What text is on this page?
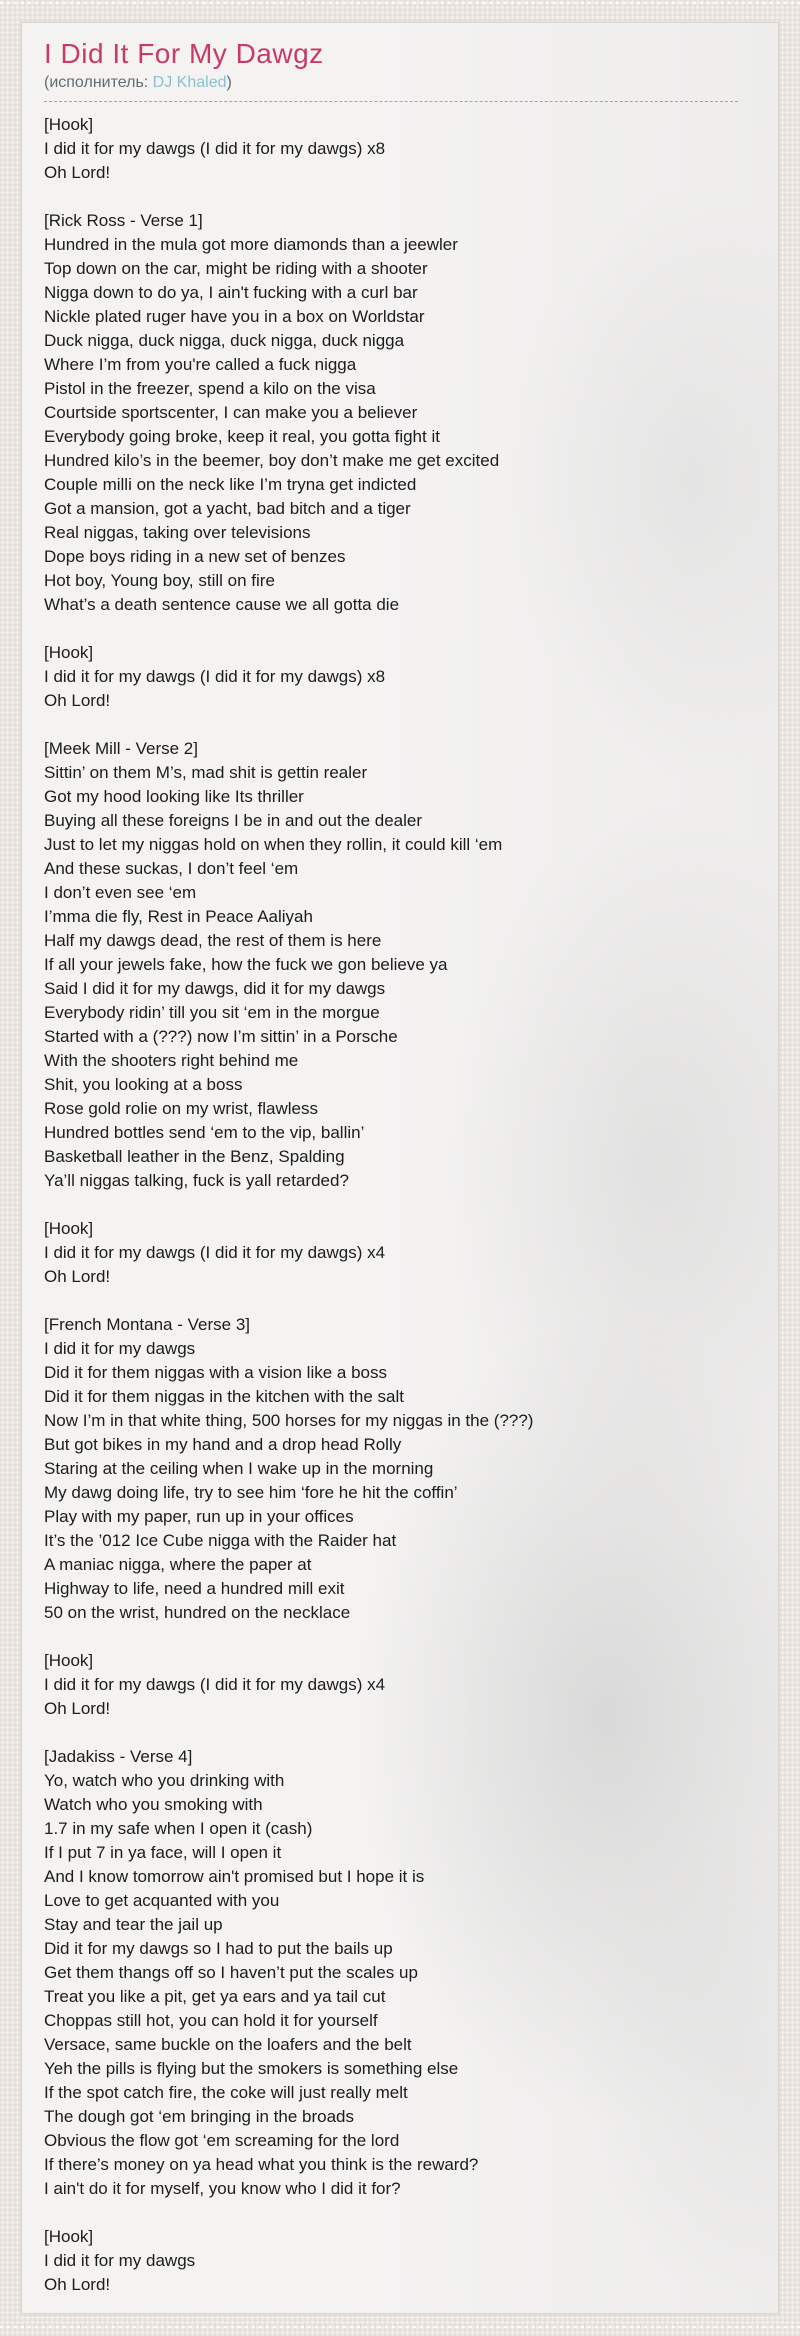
I Did It For My Dawgz
(исполнитель: DJ Khaled)

[Hook]
I did it for my dawgs (I did it for my dawgs) x8
Oh Lord!

[Rick Ross - Verse 1]
Hundred in the mula got more diamonds than a jeewler
Top down on the car, might be riding with a shooter
Nigga down to do ya, I ain't fucking with a curl bar
Nickle plated ruger have you in a box on Worldstar
Duck nigga, duck nigga, duck nigga, duck nigga
Where I’m from you're called a fuck nigga
Pistol in the freezer, spend a kilo on the visa
Courtside sportscenter, I can make you a believer
Everybody going broke, keep it real, you gotta fight it
Hundred kilo’s in the beemer, boy don’t make me get excited
Couple milli on the neck like I’m tryna get indicted
Got a mansion, got a yacht, bad bitch and a tiger
Real niggas, taking over televisions
Dope boys riding in a new set of benzes
Hot boy, Young boy, still on fire
What’s a death sentence cause we all gotta die

[Hook]
I did it for my dawgs (I did it for my dawgs) x8
Oh Lord!

[Meek Mill - Verse 2]
Sittin’ on them M’s, mad shit is gettin realer
Got my hood looking like Its thriller
Buying all these foreigns I be in and out the dealer
Just to let my niggas hold on when they rollin, it could kill ‘em
And these suckas, I don’t feel ‘em
I don’t even see ‘em
I’mma die fly, Rest in Peace Aaliyah
Half my dawgs dead, the rest of them is here
If all your jewels fake, how the fuck we gon believe ya
Said I did it for my dawgs, did it for my dawgs
Everybody ridin’ till you sit ‘em in the morgue
Started with a (???) now I’m sittin’ in a Porsche
With the shooters right behind me
Shit, you looking at a boss
Rose gold rolie on my wrist, flawless
Hundred bottles send ‘em to the vip, ballin’
Basketball leather in the Benz, Spalding
Ya’ll niggas talking, fuck is yall retarded?

[Hook]
I did it for my dawgs (I did it for my dawgs) x4
Oh Lord!

[French Montana - Verse 3]
I did it for my dawgs
Did it for them niggas with a vision like a boss
Did it for them niggas in the kitchen with the salt
Now I’m in that white thing, 500 horses for my niggas in the (???)
But got bikes in my hand and a drop head Rolly
Staring at the ceiling when I wake up in the morning
My dawg doing life, try to see him ‘fore he hit the coffin’
Play with my paper, run up in your offices
It’s the ’012 Ice Cube nigga with the Raider hat
A maniac nigga, where the paper at
Highway to life, need a hundred mill exit
50 on the wrist, hundred on the necklace

[Hook]
I did it for my dawgs (I did it for my dawgs) x4
Oh Lord!

[Jadakiss - Verse 4]
Yo, watch who you drinking with
Watch who you smoking with
1.7 in my safe when I open it (cash)
If I put 7 in ya face, will I open it
And I know tomorrow ain't promised but I hope it is
Love to get acquanted with you
Stay and tear the jail up
Did it for my dawgs so I had to put the bails up
Get them thangs off so I haven’t put the scales up
Treat you like a pit, get ya ears and ya tail cut
Choppas still hot, you can hold it for yourself
Versace, same buckle on the loafers and the belt
Yeh the pills is flying but the smokers is something else
If the spot catch fire, the coke will just really melt
The dough got ‘em bringing in the broads
Obvious the flow got ‘em screaming for the lord
If there’s money on ya head what you think is the reward?
I ain't do it for myself, you know who I did it for?

[Hook]
I did it for my dawgs
Oh Lord!
